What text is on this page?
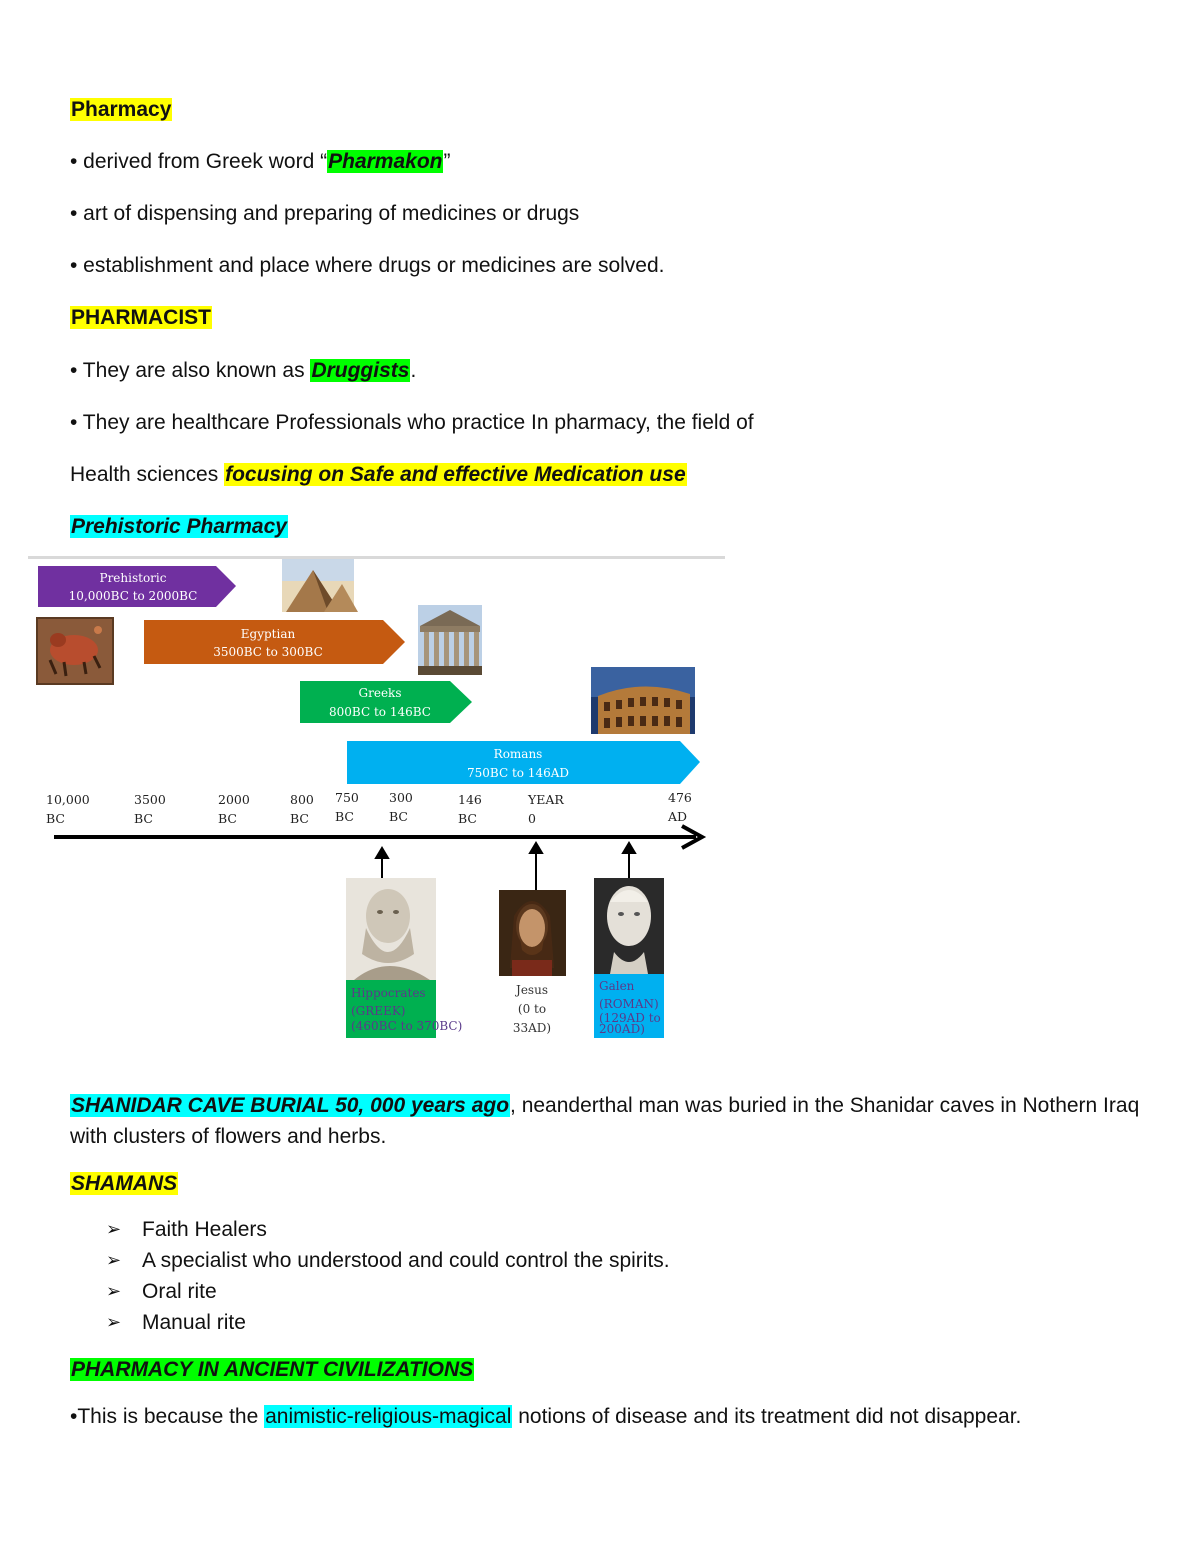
Pharmacy
• derived from Greek word “Pharmakon”
• art of dispensing and preparing of medicines or drugs
• establishment and place where drugs or medicines are solved.
PHARMACIST
• They are also known as Druggists.
• They are healthcare Professionals who practice In pharmacy, the field of
Health sciences focusing on Safe and effective Medication use
Prehistoric Pharmacy
Prehistoric
10,000BC to 2000BC
Egyptian
3500BC to 300BC
Greeks
800BC to 146BC
Romans
750BC to 146AD
10,000
BC
3500
BC
2000
BC
800
BC
750
BC
300
BC
146
BC
YEAR
0
476
AD
Hippocrates
(GREEK)
(460BC to 370BC)
Jesus
(0 to
33AD)
Galen
(ROMAN)
(129AD to
200AD)
SHANIDAR CAVE BURIAL 50, 000 years ago, neanderthal man was buried in the Shanidar caves in Nothern Iraq
with clusters of flowers and herbs.
SHAMANS
➢ Faith Healers
➢ A specialist who understood and could control the spirits.
➢ Oral rite
➢ Manual rite
PHARMACY IN ANCIENT CIVILIZATIONS
•This is because the animistic-religious-magical notions of disease and its treatment did not disappear.
